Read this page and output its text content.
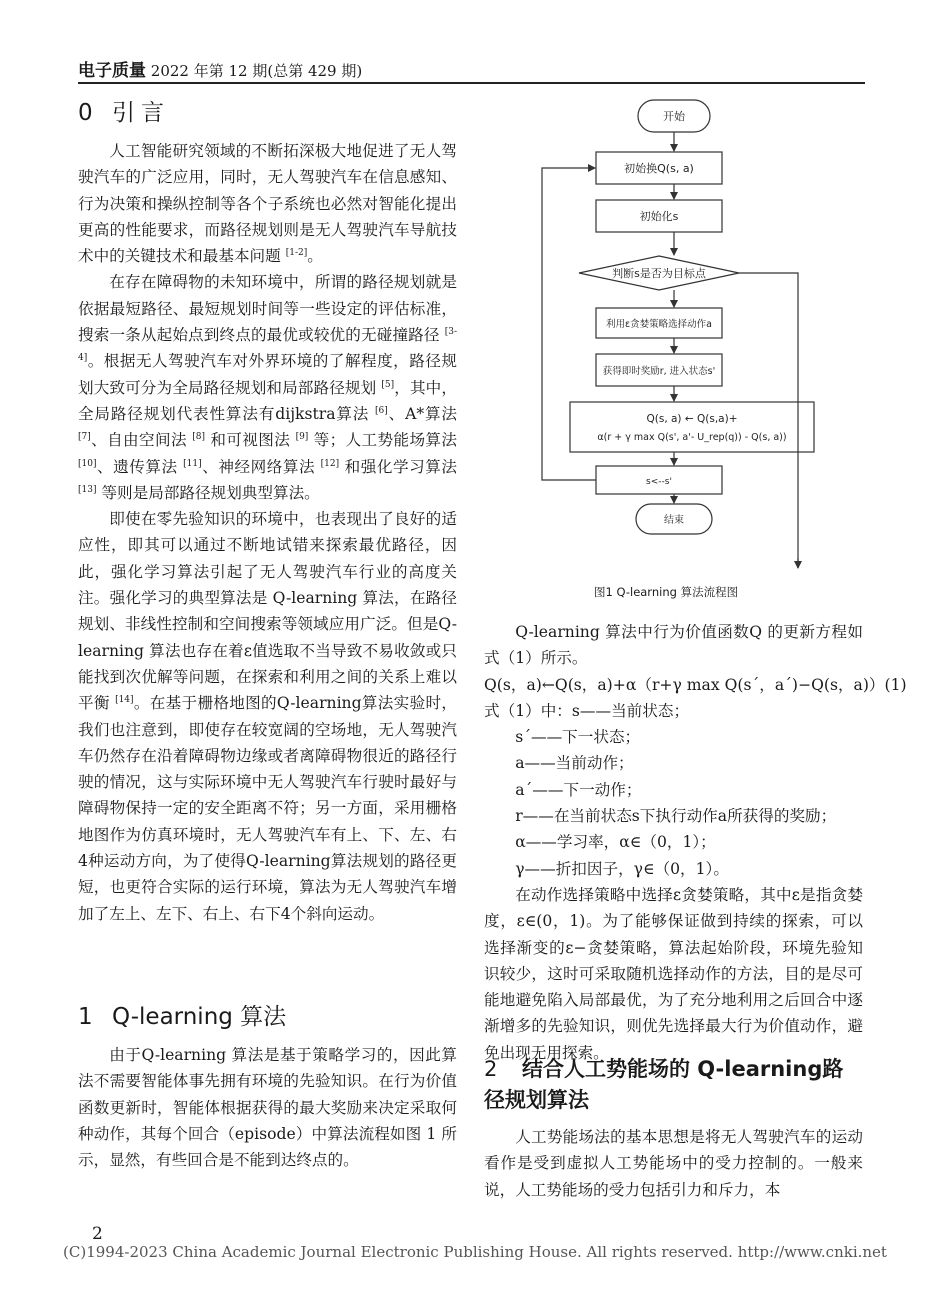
电子质量 2022 年第 12 期(总第 429 期)
0 引言

人工智能研究领域的不断拓深极大地促进了无人驾驶汽车的广泛应用，同时，无人驾驶汽车在信息感知、行为决策和操纵控制等各个子系统也必然对智能化提出更高的性能要求，而路径规划则是无人驾驶汽车导航技术中的关键技术和最基本问题 [1-2]。

在存在障碍物的未知环境中，所谓的路径规划就是依据最短路径、最短规划时间等一些设定的评估标准，搜索一条从起始点到终点的最优或较优的无碰撞路径 [3-4]。根据无人驾驶汽车对外界环境的了解程度，路径规划大致可分为全局路径规划和局部路径规划 [5]，其中，全局路径规划代表性算法有dijkstra算法 [6]、A*算法 [7]、自由空间法 [8] 和可视图法 [9] 等；人工势能场算法 [10]、遗传算法 [11]、神经网络算法 [12] 和强化学习算法 [13] 等则是局部路径规划典型算法。

即使在零先验知识的环境中，也表现出了良好的适应性，即其可以通过不断地试错来探索最优路径，因此，强化学习算法引起了无人驾驶汽车行业的高度关注。强化学习的典型算法是 Q-learning 算法，在路径规划、非线性控制和空间搜索等领域应用广泛。但是Q-learning 算法也存在着ε值选取不当导致不易收敛或只能找到次优解等问题，在探索和利用之间的关系上难以平衡 [14]。在基于栅格地图的Q-learning算法实验时，我们也注意到，即使存在较宽阔的空场地，无人驾驶汽车仍然存在沿着障碍物边缘或者离障碍物很近的路径行驶的情况，这与实际环境中无人驾驶汽车行驶时最好与障碍物保持一定的安全距离不符；另一方面，采用栅格地图作为仿真环境时，无人驾驶汽车有上、下、左、右4种运动方向，为了使得Q-learning算法规划的路径更短，也更符合实际的运行环境，算法为无人驾驶汽车增加了左上、左下、右上、右下4个斜向运动。

1 Q-learning 算法

由于Q-learning 算法是基于策略学习的，因此算法不需要智能体事先拥有环境的先验知识。在行为价值函数更新时，智能体根据获得的最大奖励来决定采取何种动作，其每个回合（episode）中算法流程如图 1 所示，显然，有些回合是不能到达终点的。

开始
初始换Q(s, a)
初始化s
判断s是否为目标点
利用ε贪婪策略选择动作a
获得即时奖励r, 进入状态s'
Q(s, a) ← Q(s,a)+
α(r + γ max Q(s', a'- U_rep(q)) - Q(s, a))
s<--s'
结束
图1 Q-learning 算法流程图

Q-learning 算法中行为价值函数Q 的更新方程如式（1）所示。

Q(s，a)←Q(s，a)+α（r+γ max Q(s´，a´)−Q(s，a)）(1)
式（1）中：s——当前状态；
s´——下一状态；
a——当前动作；
a´——下一动作；
r——在当前状态s下执行动作a所获得的奖励；
α——学习率，α∈（0，1）；
γ——折扣因子，γ∈（0，1）。

在动作选择策略中选择ε贪婪策略，其中ε是指贪婪度，ε∈(0，1)。为了能够保证做到持续的探索，可以选择渐变的ε−贪婪策略，算法起始阶段，环境先验知识较少，这时可采取随机选择动作的方法，目的是尽可能地避免陷入局部最优，为了充分地利用之后回合中逐渐增多的先验知识，则优先选择最大行为价值动作，避免出现无用探索。

2 结合人工势能场的 Q-learning路径规划算法

人工势能场法的基本思想是将无人驾驶汽车的运动看作是受到虚拟人工势能场中的受力控制的。一般来说，人工势能场的受力包括引力和斥力，本

2
(C)1994-2023 China Academic Journal Electronic Publishing House. All rights reserved. http://www.cnki.net
